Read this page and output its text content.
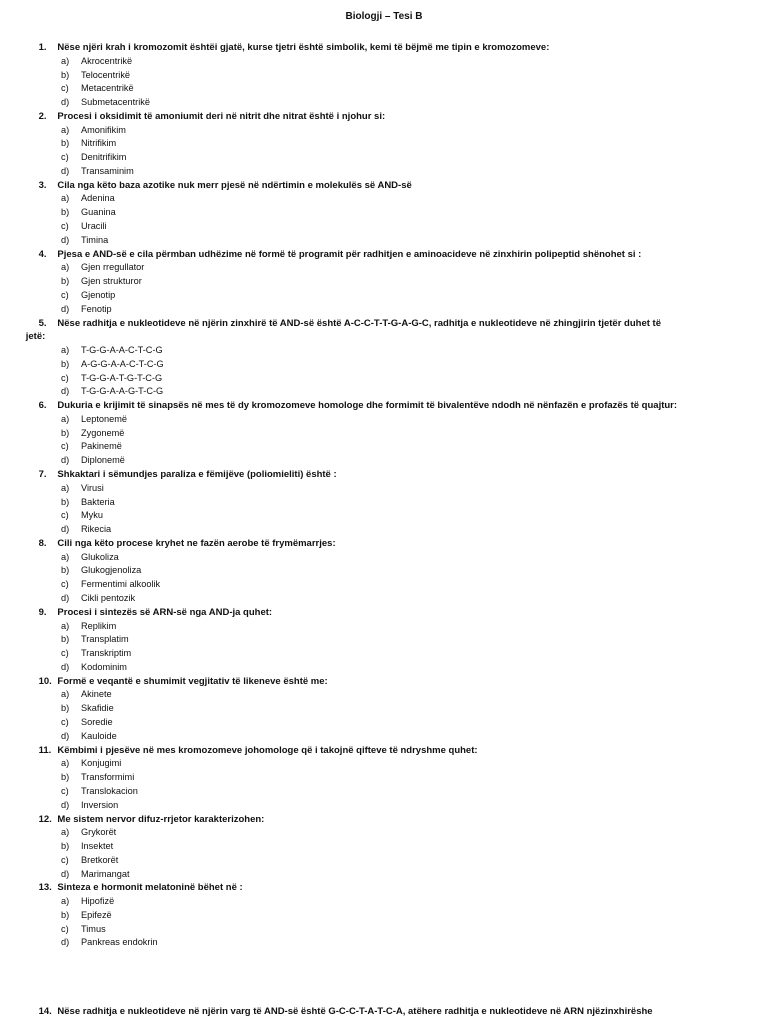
Biologji – Tesi B
1. Nëse njëri krah i kromozomit ështëi gjatë, kurse tjetri është simbolik, kemi të bëjmë me tipin e kromozomeve:
a) Akrocentrikë
b) Telocentrikë
c) Metacentrikë
d) Submetacentrikë
2. Procesi i oksidimit të amoniumit deri në nitrit dhe nitrat është i njohur si:
a) Amonifikim
b) Nitrifikim
c) Denitrifikim
d) Transaminim
3. Cila nga këto baza azotike nuk merr pjesë në ndërtimin e molekulës së AND-së
a) Adenina
b) Guanina
c) Uracili
d) Timina
4. Pjesa e AND-së e cila përmban udhëzime në formë të programit për radhitjen e aminoacideve në zinxhirin polipeptid shënohet si :
a) Gjen rregullator
b) Gjen strukturor
c) Gjenotip
d) Fenotip
5. Nëse radhitja e nukleotideve në njërin zinxhirë të AND-së është A-C-C-T-T-G-A-G-C, radhitja e nukleotideve në zhingjirin tjetër duhet të
jetë:
a) T-G-G-A-A-C-T-C-G
b) A-G-G-A-A-C-T-C-G
c) T-G-G-A-T-G-T-C-G
d) T-G-G-A-A-G-T-C-G
6. Dukuria e krijimit të sinapsës në mes të dy kromozomeve homologe dhe formimit të bivalentëve ndodh në nënfazën e profazës të quajtur:
a) Leptonemë
b) Zygonemë
c) Pakinemë
d) Diplonemë
7. Shkaktari i sëmundjes paraliza e fëmijëve (poliomieliti) është :
a) Virusi
b) Bakteria
c) Myku
d) Rikecia
8. Cili nga këto procese kryhet ne fazën aerobe të frymëmarrjes:
a) Glukoliza
b) Glukogjenoliza
c) Fermentimi alkoolik
d) Cikli pentozik
9. Procesi i sintezës së ARN-së nga AND-ja quhet:
a) Replikim
b) Transplatim
c) Transkriptim
d) Kodominim
10. Formë e veqantë e shumimit vegjitativ të likeneve është me:
a) Akinete
b) Skafidie
c) Soredie
d) Kauloide
11. Këmbimi i pjesëve në mes kromozomeve johomologe që i takojnë qifteve të ndryshme quhet:
a) Konjugimi
b) Transformimi
c) Translokacion
d) Inversion
12. Me sistem nervor difuz-rrjetor karakterizohen:
a) Grykorët
b) Insektet
c) Bretkorët
d) Marimangat
13. Sinteza e hormonit melatoninë bëhet në :
a) Hipofizë
b) Epifezë
c) Timus
d) Pankreas endokrin
14. Nëse radhitja e nukleotideve në njërin varg të AND-së është G-C-C-T-A-T-C-A, atëhere radhitja e nukleotideve në ARN njëzinxhirëshe
